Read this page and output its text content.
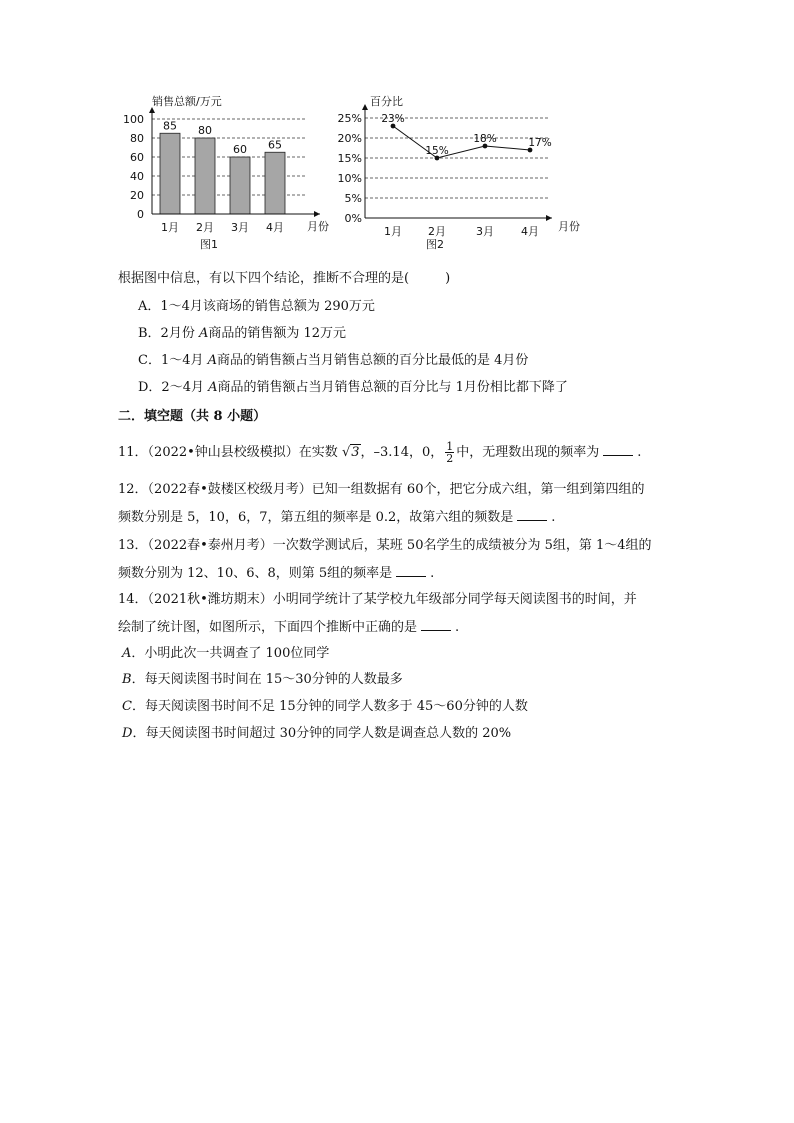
85
1月
80
2月
60
3月
65
4月
0
20
40
60
80
100
销售总额/万元
月份
图1
0%
5%
10%
15%
20%
25% 23%
1月
15%
2月
18%
3月
17%
4月
百分比
月份
图2
根据图中信息，有以下四个结论，推断不合理的是(	)
A．1～4月该商场的销售总额为 290万元
B．2月份 A商品的销售额为 12万元
C．1～4月 A商品的销售额占当月销售总额的百分比最低的是 4月份
D．2～4月 A商品的销售额占当月销售总额的百分比与 1月份相比都下降了
二．填空题（共 8 小题）
11．（2022•钟山县校级模拟）在实数 √3，–3.14，0， $\frac{1}{2}$ 中，无理数出现的频率为	.
12．（2022春•鼓楼区校级月考）已知一组数据有 60个，把它分成六组，第一组到第四组的
频数分别是 5，10，6，7，第五组的频率是 0.2，故第六组的频数是	.
13．（2022春•泰州月考）一次数学测试后，某班 50名学生的成绩被分为 5组，第 1～4组的
频数分别为 12、10、6、8，则第 5组的频率是	.
14．（2021秋•潍坊期末）小明同学统计了某学校九年级部分同学每天阅读图书的时间，并
绘制了统计图，如图所示，下面四个推断中正确的是	.
A．小明此次一共调查了 100位同学
B．每天阅读图书时间在 15～30分钟的人数最多
C．每天阅读图书时间不足 15分钟的同学人数多于 45～60分钟的人数
D．每天阅读图书时间超过 30分钟的同学人数是调查总人数的 20%
